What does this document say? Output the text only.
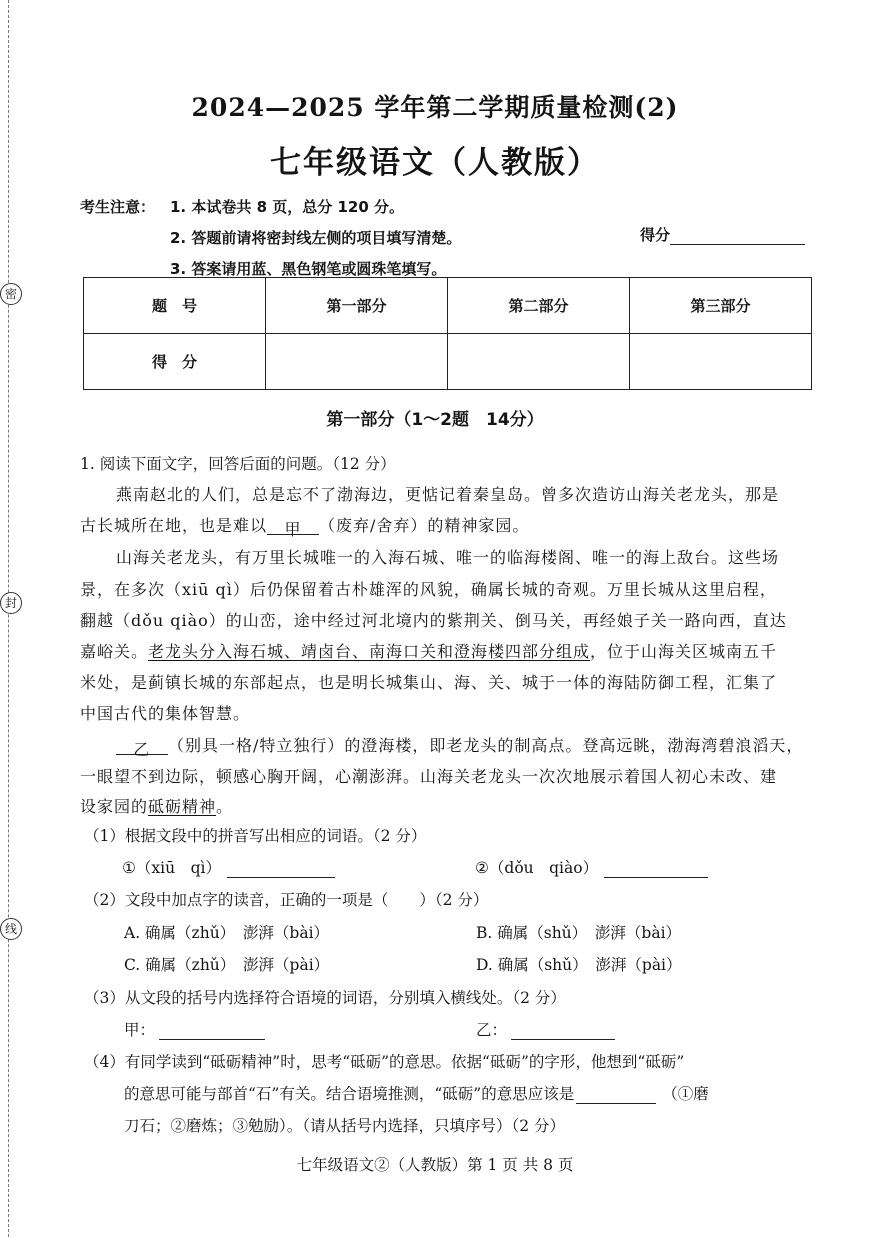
密
封
线
2024—2025 学年第二学期质量检测(2)
七年级语文（人教版）
考生注意： 1. 本试卷共 8 页，总分 120 分。
2. 答题前请将密封线左侧的项目填写清楚。
3. 答案请用蓝、黑色钢笔或圆珠笔填写。
得分
题　号	第一部分	第二部分	第三部分
得　分			
第一部分（1～2题　14分）
1. 阅读下面文字，回答后面的问题。（12 分）
燕南赵北的人们，总是忘不了渤海边，更惦记着秦皇岛。曾多次造访山海关老龙头，那是
古长城所在地，也是难以 甲 （废弃/舍弃）的精神家园。
山海关老龙头，有万里长城唯一的入海石城、唯一的临海楼阁、唯一的海上敌台。这些场
景，在多次（xiū qì）后仍保留着古朴雄浑的风貌，确属长城的奇观。万里长城从这里启程，
翻越（dǒu qiào）的山峦，途中经过河北境内的紫荆关、倒马关，再经娘子关一路向西，直达
嘉峪关。老龙头分入海石城、靖卤台、南海口关和澄海楼四部分组成，位于山海关区城南五千
米处，是蓟镇长城的东部起点，也是明长城集山、海、关、城于一体的海陆防御工程，汇集了
中国古代的集体智慧。
乙 （别具一格/特立独行）的澄海楼，即老龙头的制高点。登高远眺，渤海湾碧浪滔天，
一眼望不到边际，顿感心胸开阔，心潮澎湃。山海关老龙头一次次地展示着国人初心未改、建
设家园的砥砺精神。
（1）根据文段中的拼音写出相应的词语。（2 分）
①（xiū　qì）	②（dǒu　qiào）
（2）文段中加点字的读音，正确的一项是（　　）（2 分）
A. 确属（zhǔ）　澎湃（bài）	B. 确属（shǔ）　澎湃（bài）
C. 确属（zhǔ）　澎湃（pài）	D. 确属（shǔ）　澎湃（pài）
（3）从文段的括号内选择符合语境的词语，分别填入横线处。（2 分）
甲：	乙：
（4）有同学读到“砥砺精神”时，思考“砥砺”的意思。依据“砥砺”的字形，他想到“砥砺”
的意思可能与部首“石”有关。结合语境推测，“砥砺”的意思应该是	（①磨
刀石；②磨炼；③勉励）。（请从括号内选择，只填序号）（2 分）
七年级语文②（人教版）第 1 页 共 8 页
